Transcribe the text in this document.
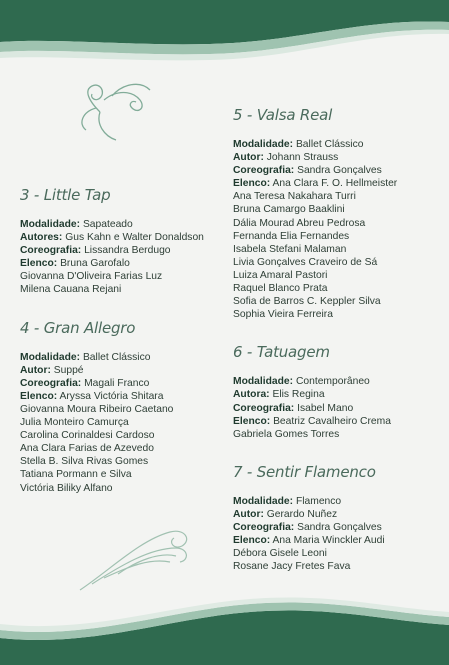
3 - Little Tap
Modalidade: Sapateado
Autores: Gus Kahn e Walter Donaldson
Coreografia: Lissandra Berdugo
Elenco: Bruna Garofalo
Giovanna D'Oliveira Farias Luz
Milena Cauana Rejani
4 - Gran Allegro
Modalidade: Ballet Clássico
Autor: Suppé
Coreografia: Magali Franco
Elenco: Aryssa Victória Shitara
Giovanna Moura Ribeiro Caetano
Julia Monteiro Camurça
Carolina Corinaldesi Cardoso
Ana Clara Farias de Azevedo
Stella B. Silva Rivas Gomes
Tatiana Pormann e Silva
Victória Biliky Alfano
5 - Valsa Real
Modalidade: Ballet Clássico
Autor: Johann Strauss
Coreografia: Sandra Gonçalves
Elenco: Ana Clara F. O. Hellmeister
Ana Teresa Nakahara Turri
Bruna Camargo Baaklini
Dália Mourad Abreu Pedrosa
Fernanda Elia Fernandes
Isabela Stefani Malaman
Livia Gonçalves Craveiro de Sá
Luiza Amaral Pastori
Raquel Blanco Prata
Sofia de Barros C. Keppler Silva
Sophia Vieira Ferreira
6 - Tatuagem
Modalidade: Contemporâneo
Autora: Elis Regina
Coreografia: Isabel Mano
Elenco: Beatriz Cavalheiro Crema
Gabriela Gomes Torres
7 - Sentir Flamenco
Modalidade: Flamenco
Autor: Gerardo Nuñez
Coreografia: Sandra Gonçalves
Elenco: Ana Maria Winckler Audi
Débora Gisele Leoni
Rosane Jacy Fretes Fava
